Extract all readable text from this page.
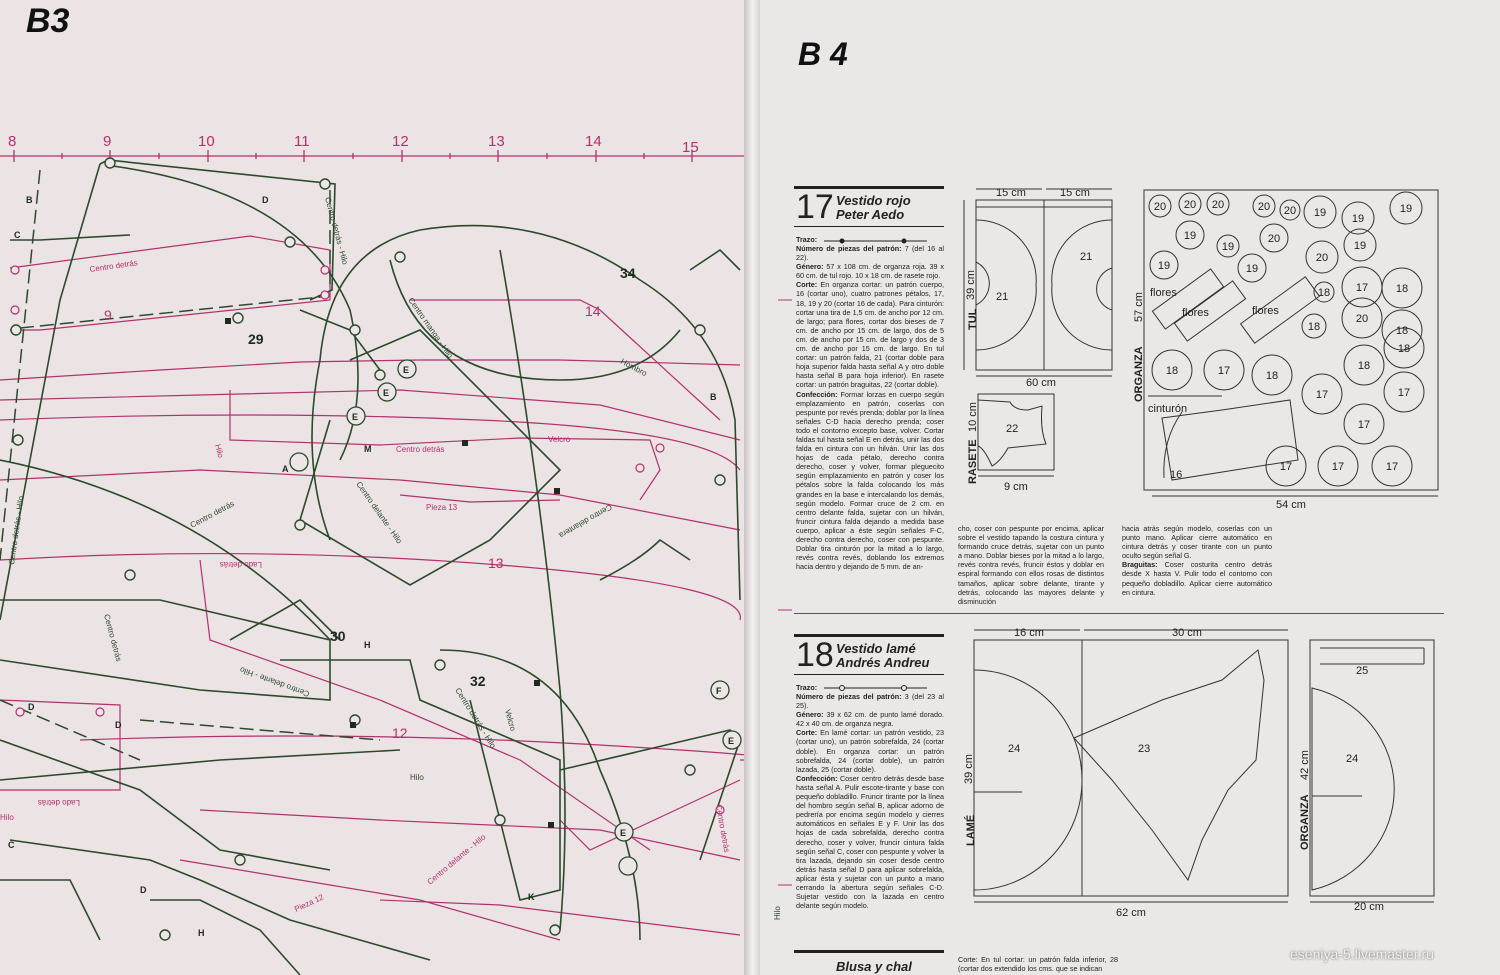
8	9	10	11	12	13	14	15
B
C
D
E
E
E
M
A
B
F
E
E
H
K
C
D
D
D
H
29
30
32
34
14
13
12
9
Centro detrás - Hilo
Centro detrás - Hilo
Centro manga - Hilo
Centro detrás
Centro detrás
Velcro
Hombro
Centro delante - Hilo
Centro detrás
Lado detrás
Pieza 13	Centro delantera
Centro delante - Hilo
Centro detrás - Hilo Velcro
Hilo
Lado detrás
Centro delante - Hilo
Pieza 12
Centro detrás
Centro detrás
Hilo
Hilo
B3
B 4
17 Vestido rojo
Peter Aedo
Trazo:
Número de piezas del patrón: 7 (del 16 al 22).
Género: 57 x 108 cm. de organza roja. 39 x 60 cm. de tul rojo. 10 x 18 cm. de rasete rojo.
Corte: En organza cortar: un patrón cuerpo, 16 (cortar uno), cuatro patrones pétalos, 17, 18, 19 y 20 (cortar 16 de cada). Para cinturón: cortar una tira de 1,5 cm. de ancho por 12 cm. de largo; para flores, cortar dos bieses de 7 cm. de ancho por 15 cm. de largo, dos de 5 cm. de ancho por 15 cm. de largo y dos de 3 cm. de ancho por 15 cm. de largo. En tul cortar: un patrón falda, 21 (cortar doble para hoja superior falda hasta señal A y otro doble hasta señal B para hoja inferior). En rasete cortar: un patrón braguitas, 22 (cortar doble).
Confección: Formar lorzas en cuerpo según emplazamiento en patrón, coserlas con pespunte por revés prenda; doblar por la línea señales C-D hacia derecho prenda; coser todo el contorno excepto base, volver. Cortar faldas tul hasta señal E en detrás, unir las dos falda en cintura con un hilván. Unir las dos hojas de cada pétalo, derecho contra derecho, coser y volver, formar pleguecito según emplazamiento en patrón y coser los pétalos sobre la falda colocando los más grandes en la base e intercalando los demás, según modelo. Formar cruce de 2 cm. en centro delante falda, sujetar con un hilván, fruncir cintura falda dejando a medida base cuerpo, aplicar a éste según señales F-C, derecho contra derecho, coser con pespunte. Doblar tira cinturón por la mitad a lo largo, revés contra revés, doblando los extremos hacia dentro y dejando de 5 mm. de an-
cho, coser con pespunte por encima, aplicar sobre el vestido tapando la costura cintura y formando cruce detrás, sujetar con un punto a mano. Doblar bieses por la mitad a lo largo, revés contra revés, fruncir éstos y doblar en espiral formando con ellos rosas de distintos tamaños, aplicar sobre delante, tirante y detrás, colocando las mayores delante y disminución
hacia atrás según modelo, coserlas con un punto mano. Aplicar cierre automático en cintura detrás y coser tirante con un punto oculto según señal G.
Braguitas: Coser costurita centro detrás desde X hasta V. Pulir todo el contorno con pequeño dobladillo. Aplicar cierre automático en cintura.
15 cm	15 cm
39 cm
TUL
21
21
60 cm
22
10 cm
RASETE
9 cm
20 20 20	20 20 19 19
19
19
19
20
19	19
20
19
18
18
20
18
17	18
18
18	17	18
18
17	17
17
17	17	17
flores
flores	flores
cinturón
16
57 cm
ORGANZA
54 cm
18 Vestido lamé
Andrés Andreu
Trazo:
Número de piezas del patrón: 3 (del 23 al 25).
Género: 39 x 62 cm. de punto lamé dorado. 42 x 40 cm. de organza negra.
Corte: En lamé cortar: un patrón vestido, 23 (cortar uno), un patrón sobrefalda, 24 (cortar doble). En organza cortar: un patrón sobrefalda, 24 (cortar doble), un patrón lazada, 25 (cortar doble).
Confección: Coser centro detrás desde base hasta señal A. Pulir escote-tirante y base con pequeño dobladillo. Fruncir tirante por la línea del hombro según señal B, aplicar adorno de pedrería por encima según modelo y cierres automáticos en señales E y F. Unir las dos hojas de cada sobrefalda, derecho contra derecho, coser y volver, fruncir cintura falda según señal C, coser con pespunte y volver la tira lazada, dejando sin coser desde centro detrás hasta señal D para aplicar sobrefalda, aplicar ésta y sujetar con un punto a mano cerrando la abertura según señales C-D. Sujetar vestido con la lazada en centro delante según modelo.
16 cm	30 cm
39 cm
LAMÉ
24	23
62 cm
25
24
42 cm
ORGANZA
20 cm
Blusa y chal	Corte: En tul cortar: un patrón falda inferior, 28 (cortar dos extendido los cms. que se indican
Hilo
eseniya-5.livemaster.ru
